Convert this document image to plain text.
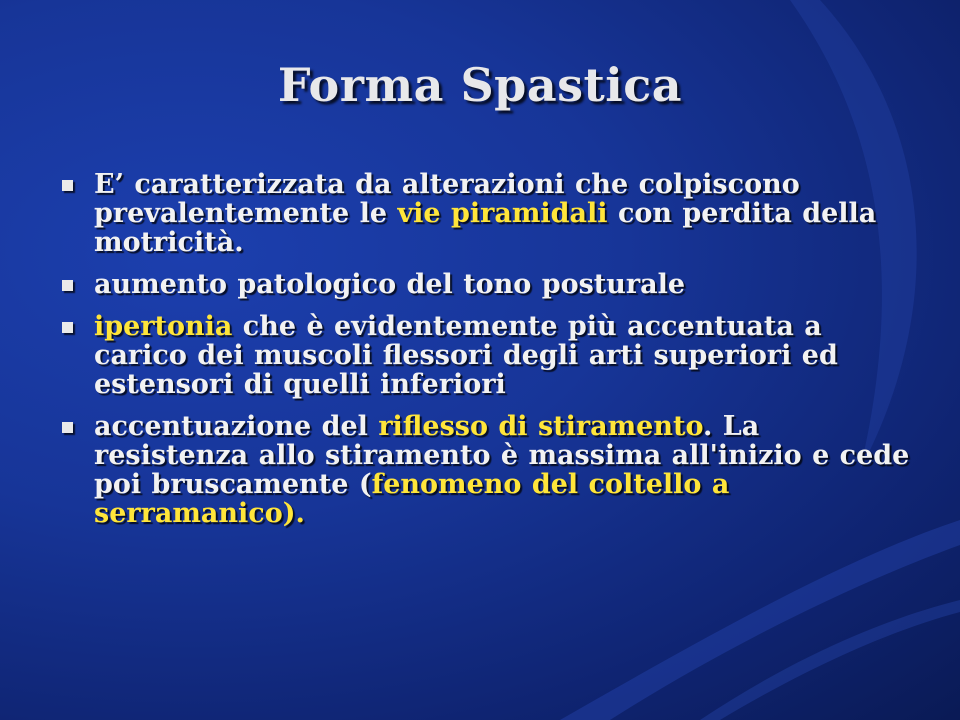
Forma Spastica
E’ caratterizzata da alterazioni che colpiscono prevalentemente le vie piramidali con perdita della motricità.
aumento patologico del tono posturale
ipertonia che è evidentemente più accentuata a carico dei muscoli flessori degli arti superiori ed estensori di quelli inferiori
accentuazione del riflesso di stiramento. La resistenza allo stiramento è massima all'inizio e cede poi bruscamente (fenomeno del coltello a serramanico).
